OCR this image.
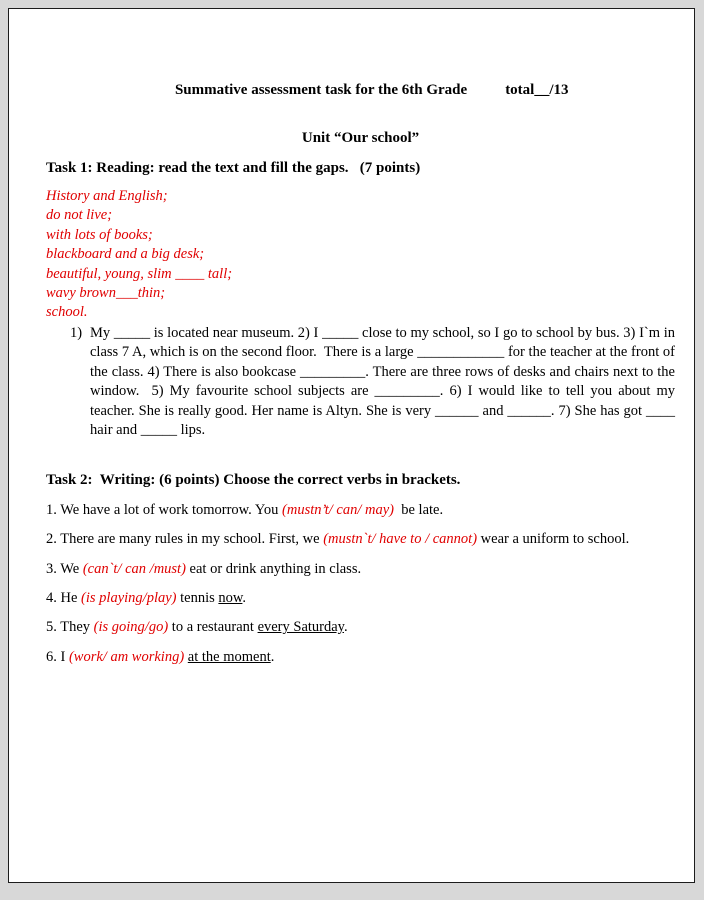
Summative assessment task for the 6th Grade	total__/13

Unit “Our school”
Task 1: Reading: read the text and fill the gaps.   (7 points)
History and English;
do not live;
with lots of books;
blackboard and a big desk;
beautiful, young, slim ____ tall;
wavy brown___thin;
school.
1) My _____ is located near museum. 2) I _____ close to my school, so I go to school by bus. 3) I`m in class 7 A, which is on the second floor.  There is a large ____________ for the teacher at the front of the class. 4) There is also bookcase _________. There are three rows of desks and chairs next to the window.  5) My favourite school subjects are _________. 6) I would like to tell you about my teacher. She is really good. Her name is Altyn. She is very ______ and ______. 7) She has got ____ hair and _____ lips.
Task 2:  Writing: (6 points) Choose the correct verbs in brackets.

1. We have a lot of work tomorrow. You (mustn’t/ can/ may)  be late.

2. There are many rules in my school. First, we (mustn`t/ have to / cannot) wear a uniform to school.

3. We (can`t/ can /must) eat or drink anything in class.

4. He (is playing/play) tennis now.

5. They (is going/go) to a restaurant every Saturday.

6. I (work/ am working) at the moment.
